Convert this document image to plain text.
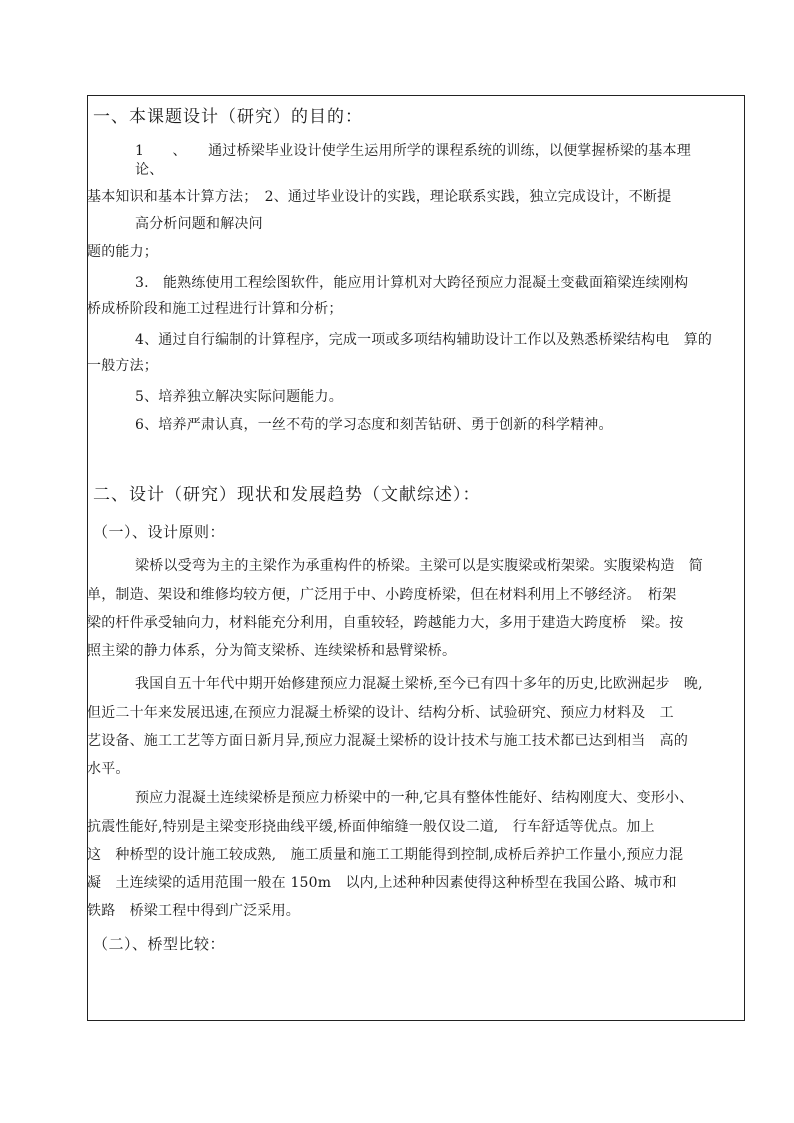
一、本课题设计（研究）的目的：
1　　、　　通过桥梁毕业设计使学生运用所学的课程系统的训练，以便掌握桥梁的基本理
论、
基本知识和基本计算方法；　2、通过毕业设计的实践，理论联系实践，独立完成设计，不断提
高分析问题和解决问
题的能力；
3.　能熟练使用工程绘图软件，能应用计算机对大跨径预应力混凝土变截面箱梁连续刚构
桥成桥阶段和施工过程进行计算和分析；
4、通过自行编制的计算程序，完成一项或多项结构辅助设计工作以及熟悉桥梁结构电　算的
一般方法；
5、培养独立解决实际问题能力。
6、培养严肃认真，一丝不苟的学习态度和刻苦钻研、勇于创新的科学精神。
二、设计（研究）现状和发展趋势（文献综述）：
（一）、设计原则：
梁桥以受弯为主的主梁作为承重构件的桥梁。主梁可以是实腹梁或桁架梁。实腹梁构造　简
单，制造、架设和维修均较方便，广泛用于中、小跨度桥梁，但在材料利用上不够经济。　桁架
梁的杆件承受轴向力，材料能充分利用，自重较轻，跨越能力大，多用于建造大跨度桥　梁。按
照主梁的静力体系，分为简支梁桥、连续梁桥和悬臂梁桥。
我国自五十年代中期开始修建预应力混凝土梁桥,至今已有四十多年的历史,比欧洲起步　晚,
但近二十年来发展迅速,在预应力混凝土桥梁的设计、结构分析、试验研究、预应力材料及　工
艺设备、施工工艺等方面日新月异,预应力混凝土梁桥的设计技术与施工技术都已达到相当　高的
水平。
预应力混凝土连续梁桥是预应力桥梁中的一种,它具有整体性能好、结构刚度大、变形小、
抗震性能好,特别是主梁变形挠曲线平缓,桥面伸缩缝一般仅设二道,　行车舒适等优点。加上
这　种桥型的设计施工较成熟,　施工质量和施工工期能得到控制,成桥后养护工作量小,预应力混
凝　土连续梁的适用范围一般在 150m　以内,上述种种因素使得这种桥型在我国公路、城市和
铁路　桥梁工程中得到广泛采用。
（二）、桥型比较：
